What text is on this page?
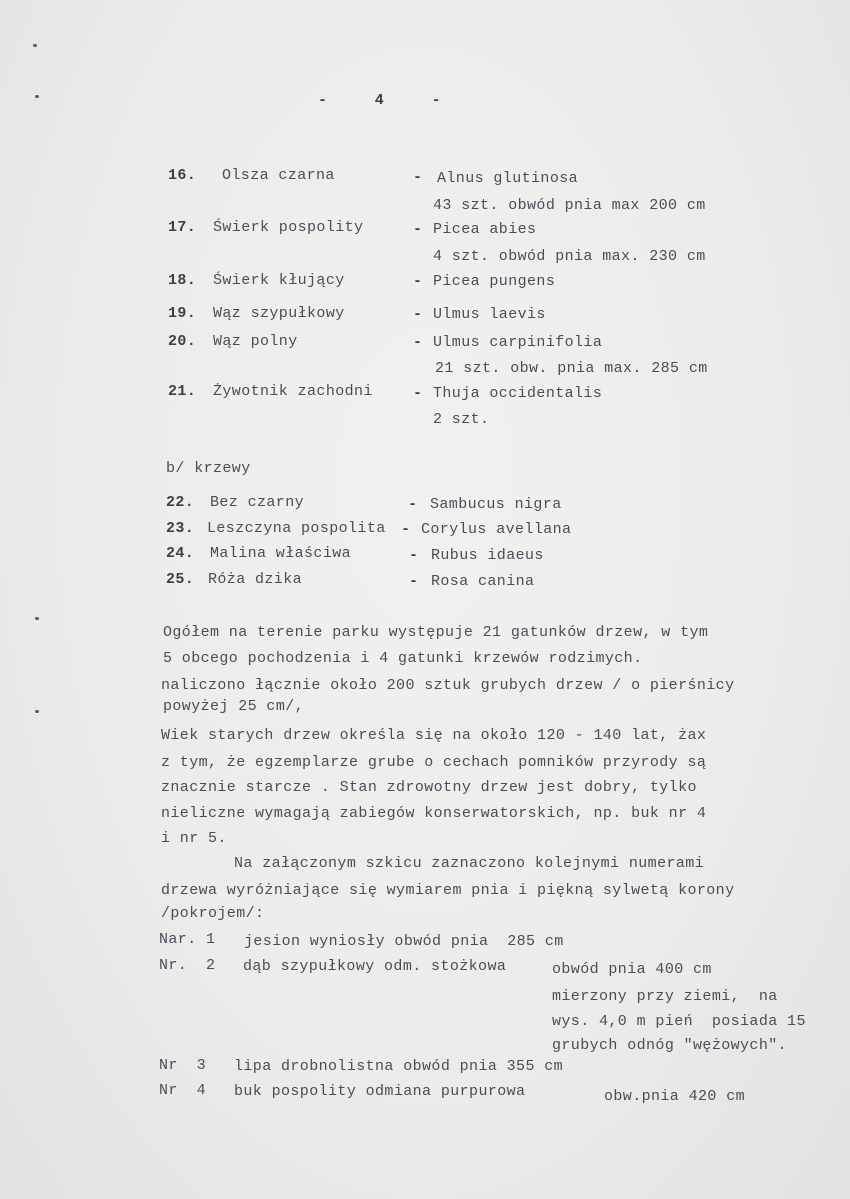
- 4 -
16. Olsza czarna	- Alnus glutinosa
43 szt. obwód pnia max 200 cm
17. Świerk pospolity	- Picea abies
4 szt. obwód pnia max. 230 cm
18. Świerk kłujący	- Picea pungens
19. Wąz szypułkowy	- Ulmus laevis
20. Wąz polny	- Ulmus carpinifolia
21 szt. obw. pnia max. 285 cm
21. Żywotnik zachodni	- Thuja occidentalis
2 szt.
b/ krzewy
22. Bez czarny	- Sambucus nigra
23. Leszczyna pospolita - Corylus avellana
24. Malina właściwa	- Rubus idaeus
25. Róża dzika	- Rosa canina
Ogółem na terenie parku występuje 21 gatunków drzew, w tym
5 obcego pochodzenia i 4 gatunki krzewów rodzimych.
naliczono łącznie około 200 sztuk grubych drzew / o pierśnicy
powyżej 25 cm/,
Wiek starych drzew określa się na około 120 - 140 lat, żax
z tym, że egzemplarze grube o cechach pomników przyrody są
znacznie starcze . Stan zdrowotny drzew jest dobry, tylko
nieliczne wymagają zabiegów konserwatorskich, np. buk nr 4
i nr 5.
Na załączonym szkicu zaznaczono kolejnymi numerami
drzewa wyróżniające się wymiarem pnia i piękną sylwetą korony
/pokrojem/:
Nar. 1 jesion wyniosły obwód pnia  285 cm
Nr.  2 dąb szypułkowy odm. stożkowa	obwód pnia 400 cm
mierzony przy ziemi,  na
wys. 4,0 m pień  posiada 15
grubych odnóg "wężowych".
Nr  3 lipa drobnolistna obwód pnia 355 cm
Nr  4 buk pospolity odmiana purpurowa	obw.pnia 420 cm
